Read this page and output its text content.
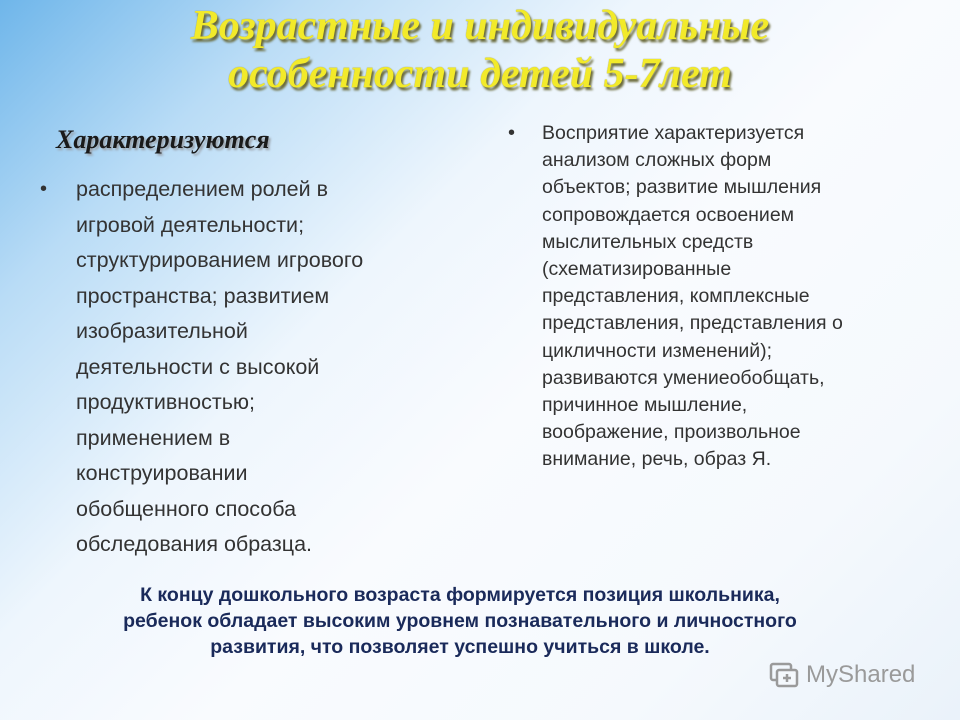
Возрастные и индивидуальные
особенности детей 5-7лет
Характеризуются
• распределением ролей в
игровой деятельности;
структурированием игрового
пространства; развитием
изобразительной
деятельности с высокой
продуктивностью;
применением в
конструировании
обобщенного способа
обследования образца.
• Восприятие характеризуется
анализом сложных форм
объектов; развитие мышления
сопровождается освоением
мыслительных средств
(схематизированные
представления, комплексные
представления, представления о
цикличности изменений);
развиваются умениеобобщать,
причинное мышление,
воображение, произвольное
внимание, речь, образ Я.
К концу дошкольного возраста формируется позиция школьника,
ребенок обладает высоким уровнем познавательного и личностного
развития, что позволяет успешно учиться в школе.
MyShared
